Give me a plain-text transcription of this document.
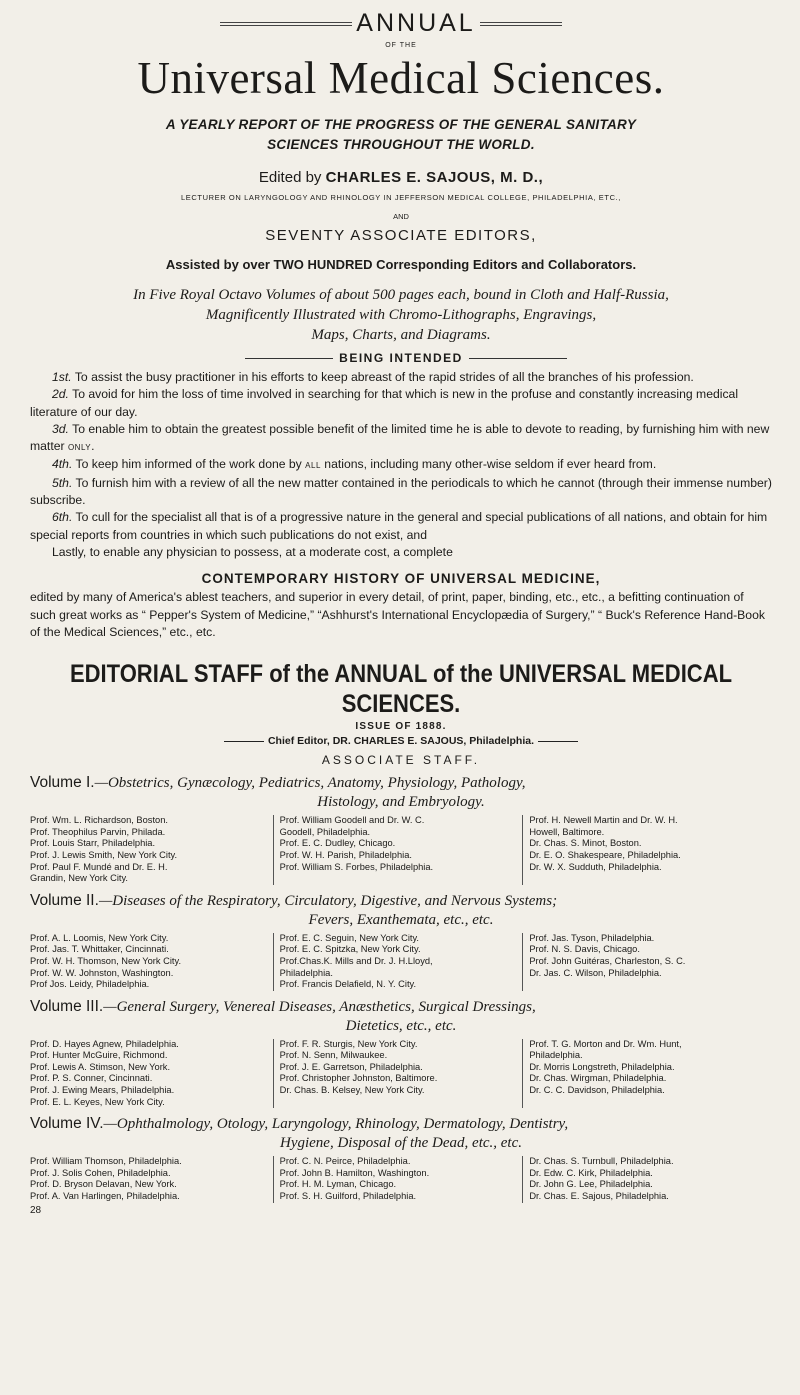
ANNUAL
OF THE
Universal Medical Sciences.
A YEARLY REPORT OF THE PROGRESS OF THE GENERAL SANITARY
SCIENCES THROUGHOUT THE WORLD.
Edited by CHARLES E. SAJOUS, M. D.,
LECTURER ON LARYNGOLOGY AND RHINOLOGY IN JEFFERSON MEDICAL COLLEGE, PHILADELPHIA, ETC.,
AND
SEVENTY ASSOCIATE EDITORS,
Assisted by over TWO HUNDRED Corresponding Editors and Collaborators.
In Five Royal Octavo Volumes of about 500 pages each, bound in Cloth and Half-Russia,
Magnificently Illustrated with Chromo-Lithographs, Engravings,
Maps, Charts, and Diagrams.
BEING INTENDED

1st. To assist the busy practitioner in his efforts to keep abreast of the rapid strides of all the branches of his profession.

2d. To avoid for him the loss of time involved in searching for that which is new in the profuse and constantly increasing medical literature of our day.

3d. To enable him to obtain the greatest possible benefit of the limited time he is able to devote to reading, by furnishing him with new matter only.

4th. To keep him informed of the work done by all nations, including many other-wise seldom if ever heard from.

5th. To furnish him with a review of all the new matter contained in the periodicals to which he cannot (through their immense number) subscribe.

6th. To cull for the specialist all that is of a progressive nature in the general and special publications of all nations, and obtain for him special reports from countries in which such publications do not exist, and

Lastly, to enable any physician to possess, at a moderate cost, a complete

CONTEMPORARY HISTORY OF UNIVERSAL MEDICINE,
edited by many of America's ablest teachers, and superior in every detail, of print, paper, binding, etc., etc., a befitting continuation of such great works as “ Pepper's System of Medicine,” “Ashhurst's International Encyclopædia of Surgery,” “ Buck's Reference Hand-Book of the Medical Sciences,” etc., etc.
EDITORIAL STAFF of the ANNUAL of the UNIVERSAL MEDICAL SCIENCES.
ISSUE OF 1888.
Chief Editor, DR. CHARLES E. SAJOUS, Philadelphia.
ASSOCIATE STAFF.
Volume I.—Obstetrics, Gynæcology, Pediatrics, Anatomy, Physiology, Pathology,
Histology, and Embryology.
Prof. Wm. L. Richardson, Boston.
Prof. Theophilus Parvin, Philada.
Prof. Louis Starr, Philadelphia.
Prof. J. Lewis Smith, New York City.
Prof. Paul F. Mundé and Dr. E. H.
Grandin, New York City.
Prof. William Goodell and Dr. W. C.
Goodell, Philadelphia.
Prof. E. C. Dudley, Chicago.
Prof. W. H. Parish, Philadelphia.
Prof. William S. Forbes, Philadelphia.
Prof. H. Newell Martin and Dr. W. H.
Howell, Baltimore.
Dr. Chas. S. Minot, Boston.
Dr. E. O. Shakespeare, Philadelphia.
Dr. W. X. Sudduth, Philadelphia.
Volume II.—Diseases of the Respiratory, Circulatory, Digestive, and Nervous Systems;
Fevers, Exanthemata, etc., etc.
Prof. A. L. Loomis, New York City.
Prof. Jas. T. Whittaker, Cincinnati.
Prof. W. H. Thomson, New York City.
Prof. W. W. Johnston, Washington.
Prof Jos. Leidy, Philadelphia.
Prof. E. C. Seguin, New York City.
Prof. E. C. Spitzka, New York City.
Prof.Chas.K. Mills and Dr. J. H.Lloyd,
Philadelphia.
Prof. Francis Delafield, N. Y. City.
Prof. Jas. Tyson, Philadelphia.
Prof. N. S. Davis, Chicago.
Prof. John Guitéras, Charleston, S. C.
Dr. Jas. C. Wilson, Philadelphia.
Volume III.—General Surgery, Venereal Diseases, Anæsthetics, Surgical Dressings,
Dietetics, etc., etc.
Prof. D. Hayes Agnew, Philadelphia.
Prof. Hunter McGuire, Richmond.
Prof. Lewis A. Stimson, New York.
Prof. P. S. Conner, Cincinnati.
Prof. J. Ewing Mears, Philadelphia.
Prof. E. L. Keyes, New York City.
Prof. F. R. Sturgis, New York City.
Prof. N. Senn, Milwaukee.
Prof. J. E. Garretson, Philadelphia.
Prof. Christopher Johnston, Baltimore.
Dr. Chas. B. Kelsey, New York City.
Prof. T. G. Morton and Dr. Wm. Hunt,
Philadelphia.
Dr. Morris Longstreth, Philadelphia.
Dr. Chas. Wirgman, Philadelphia.
Dr. C. C. Davidson, Philadelphia.
Volume IV.—Ophthalmology, Otology, Laryngology, Rhinology, Dermatology, Dentistry,
Hygiene, Disposal of the Dead, etc., etc.
Prof. William Thomson, Philadelphia.
Prof. J. Solis Cohen, Philadelphia.
Prof. D. Bryson Delavan, New York.
Prof. A. Van Harlingen, Philadelphia.
Prof. C. N. Peirce, Philadelphia.
Prof. John B. Hamilton, Washington.
Prof. H. M. Lyman, Chicago.
Prof. S. H. Guilford, Philadelphia.
Dr. Chas. S. Turnbull, Philadelphia.
Dr. Edw. C. Kirk, Philadelphia.
Dr. John G. Lee, Philadelphia.
Dr. Chas. E. Sajous, Philadelphia.
28
